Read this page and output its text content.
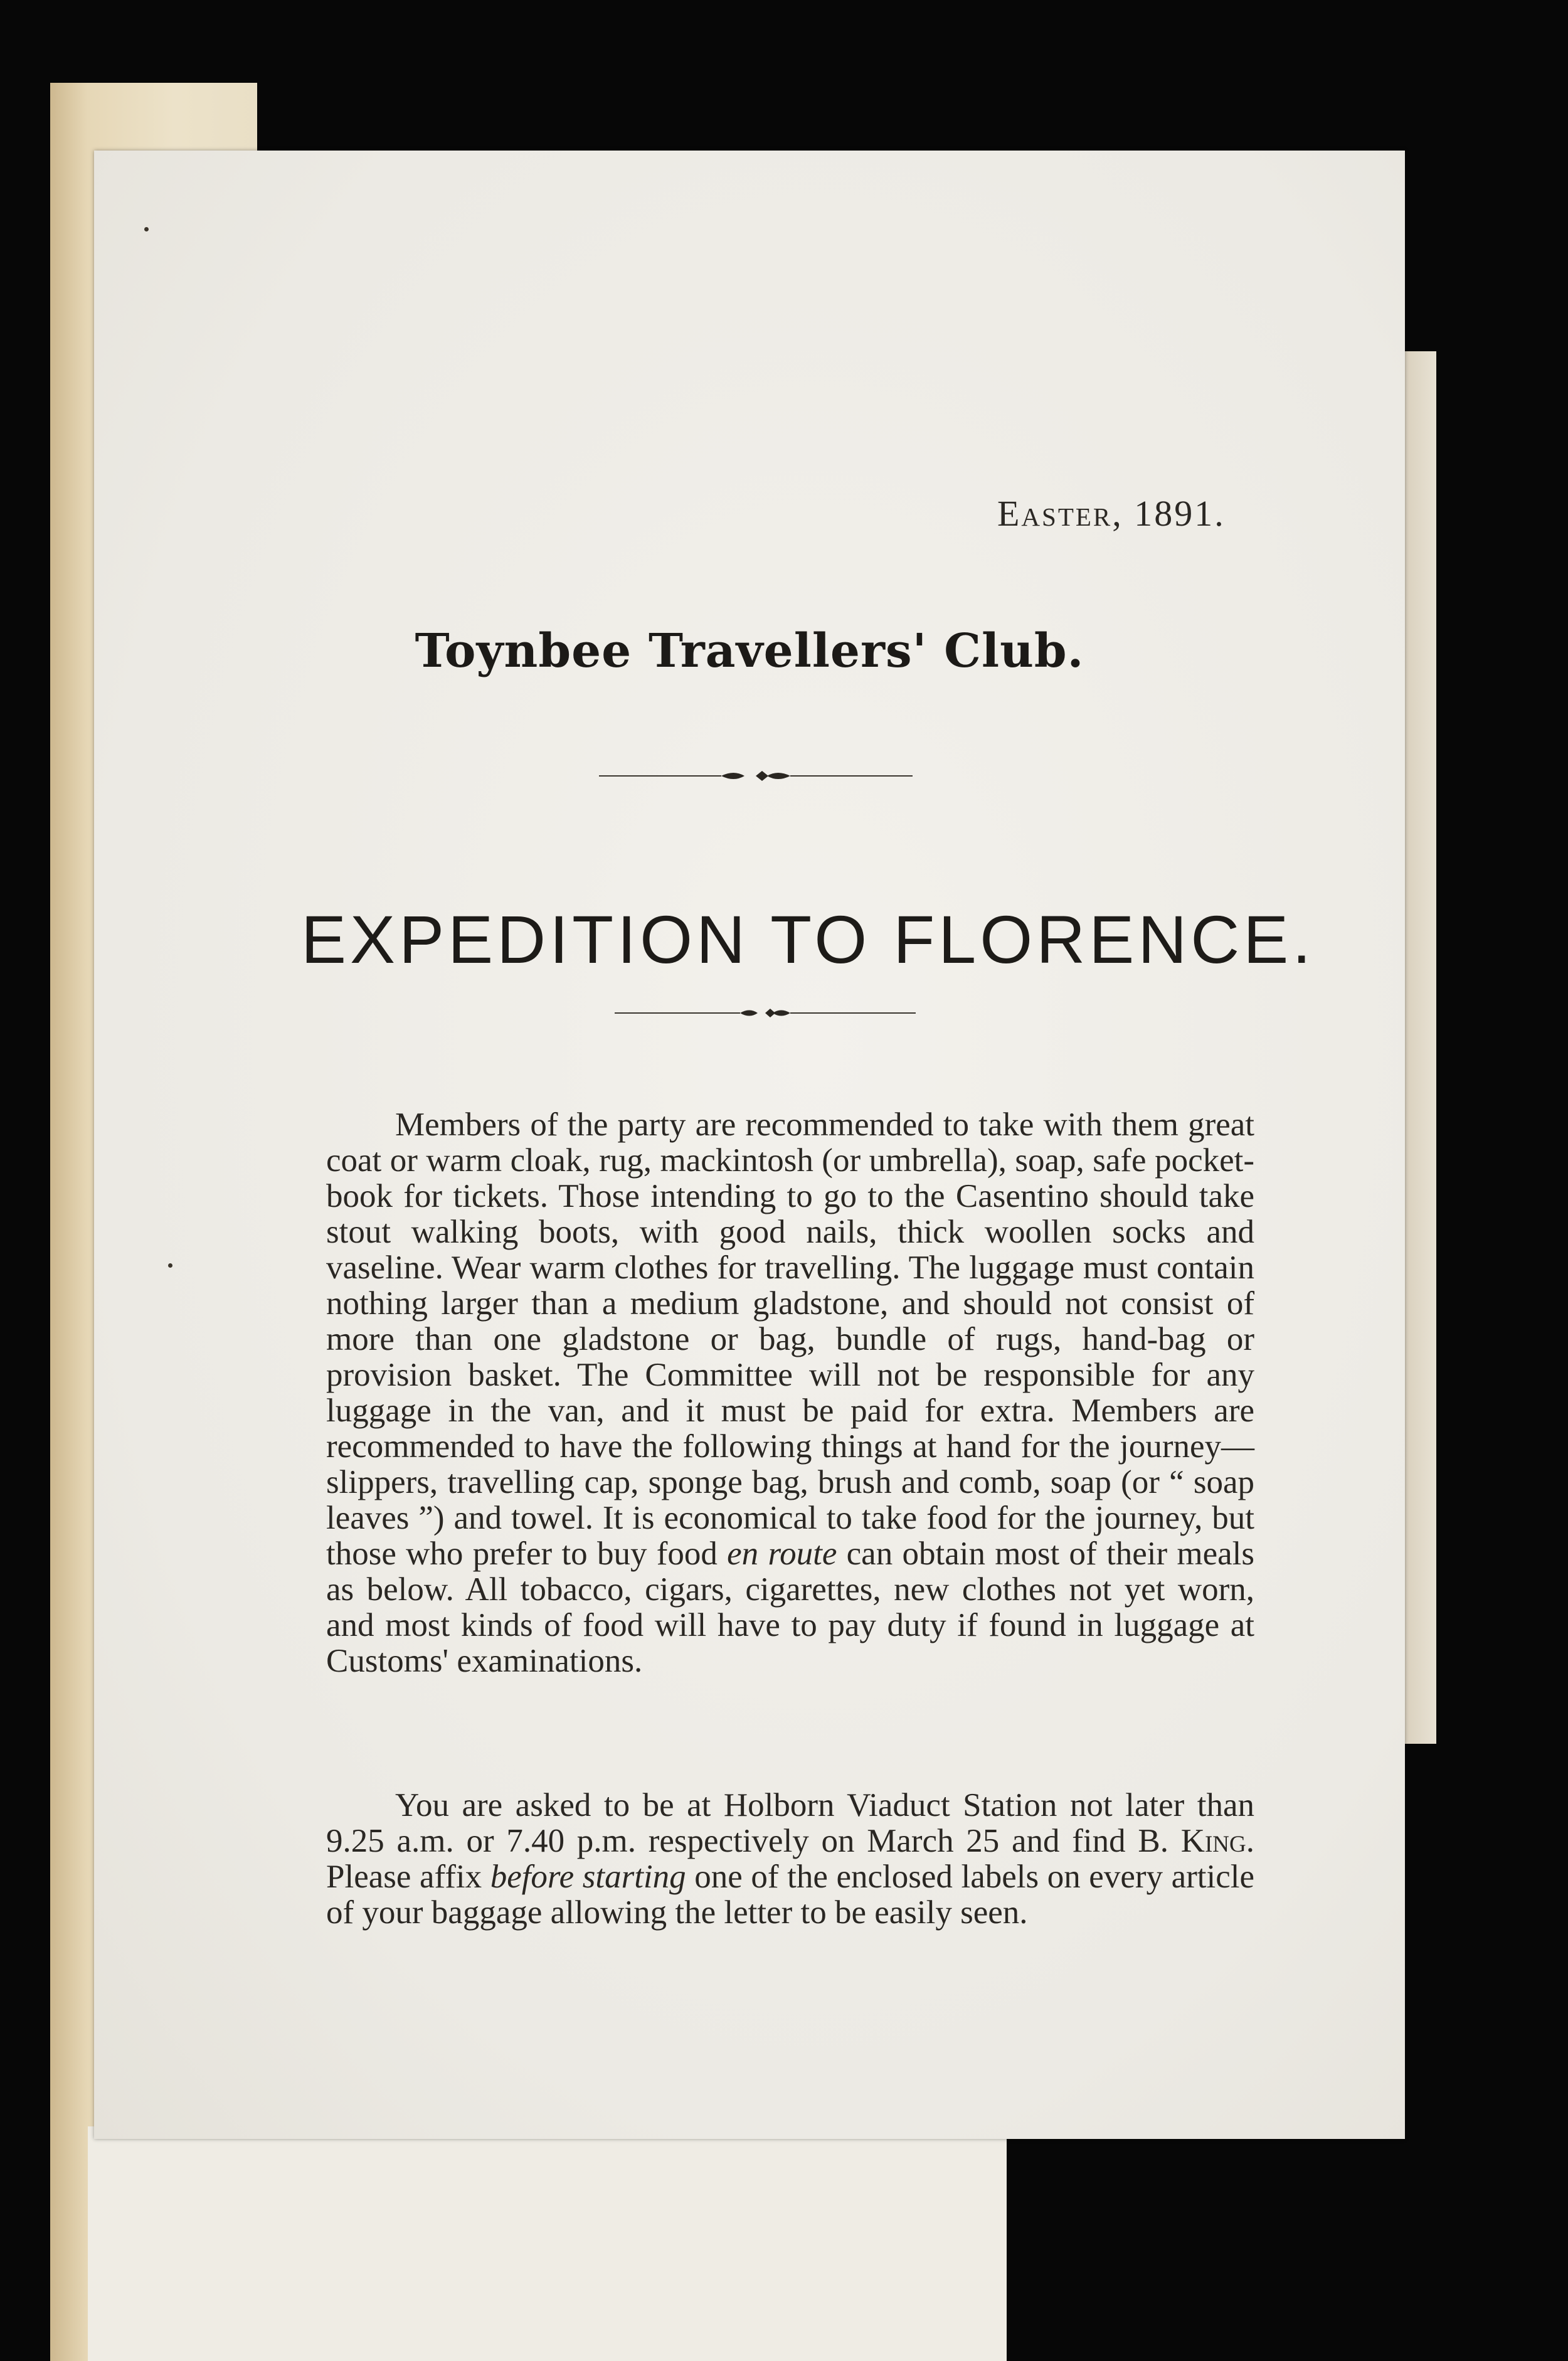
Easter, 1891.
Toynbee Travellers' Club.
EXPEDITION TO FLORENCE.
Members of the party are recommended to take with them great coat or warm cloak, rug, mackintosh (or umbrella), soap, safe pocket-book for tickets. Those intending to go to the Casentino should take stout walking boots, with good nails, thick woollen socks and vaseline. Wear warm clothes for travelling. The luggage must contain nothing larger than a medium gladstone, and should not consist of more than one gladstone or bag, bundle of rugs, hand-bag or provision basket. The Committee will not be responsible for any luggage in the van, and it must be paid for extra. Members are recommended to have the following things at hand for the journey—slippers, travelling cap, sponge bag, brush and comb, soap (or “ soap leaves ”) and towel. It is economical to take food for the journey, but those who prefer to buy food en route can obtain most of their meals as below. All tobacco, cigars, cigarettes, new clothes not yet worn, and most kinds of food will have to pay duty if found in luggage at Customs' examinations.
You are asked to be at Holborn Viaduct Station not later than 9.25 a.m. or 7.40 p.m. respectively on March 25 and find B. King. Please affix before starting one of the enclosed labels on every article of your baggage allowing the letter to be easily seen.
